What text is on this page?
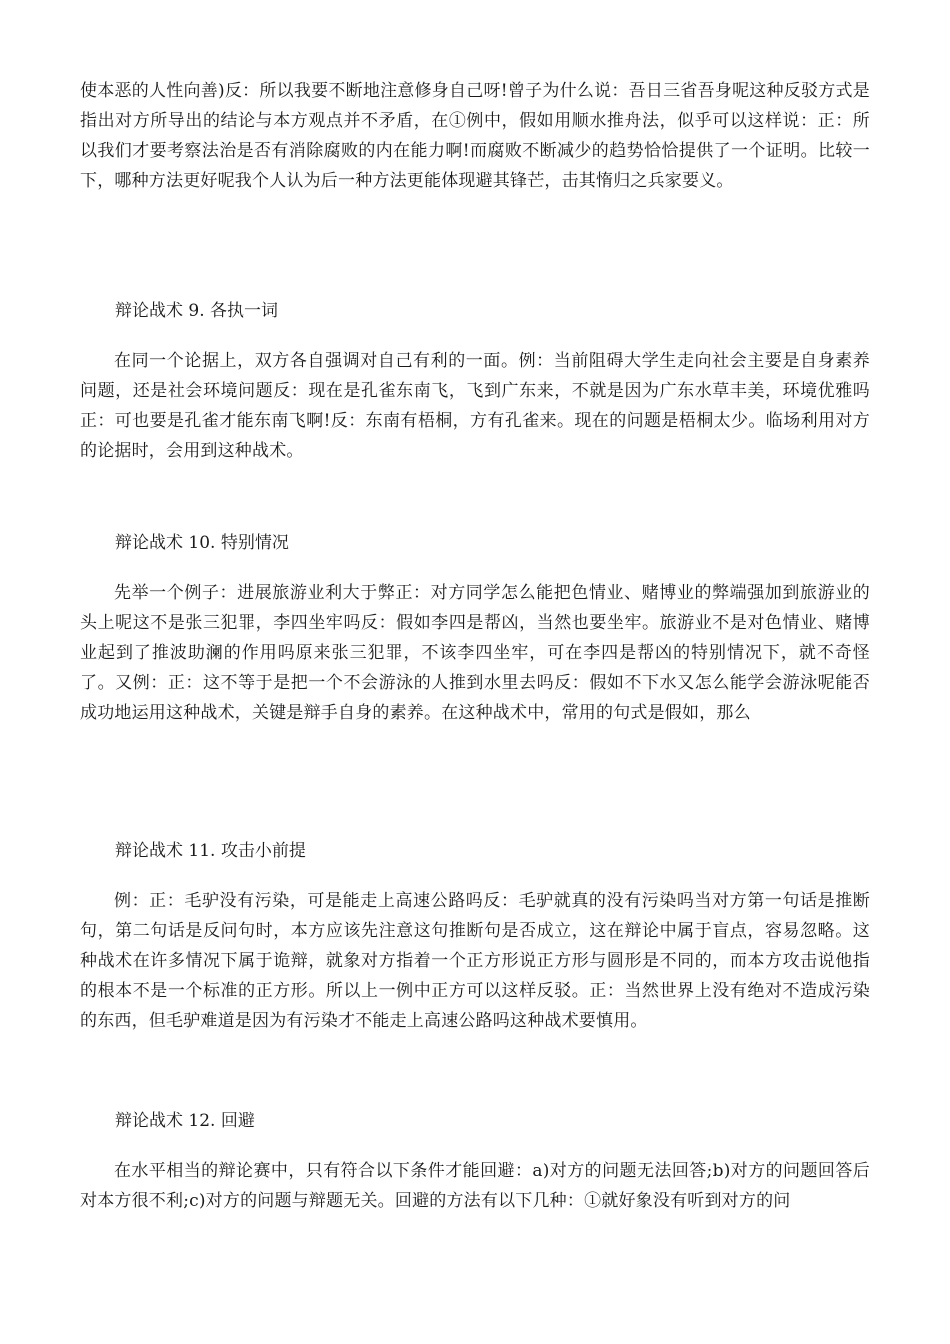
使本恶的人性向善)反：所以我要不断地注意修身自己呀!曾子为什么说：吾日三省吾身呢这种反驳方式是指出对方所导出的结论与本方观点并不矛盾，在①例中，假如用顺水推舟法，似乎可以这样说：正：所以我们才要考察法治是否有消除腐败的内在能力啊!而腐败不断减少的趋势恰恰提供了一个证明。比较一下，哪种方法更好呢我个人认为后一种方法更能体现避其锋芒，击其惰归之兵家要义。

辩论战术 9. 各执一词

在同一个论据上，双方各自强调对自己有利的一面。例：当前阻碍大学生走向社会主要是自身素养问题，还是社会环境问题反：现在是孔雀东南飞，飞到广东来，不就是因为广东水草丰美，环境优雅吗正：可也要是孔雀才能东南飞啊!反：东南有梧桐，方有孔雀来。现在的问题是梧桐太少。临场利用对方的论据时，会用到这种战术。

辩论战术 10. 特别情况

先举一个例子：进展旅游业利大于弊正：对方同学怎么能把色情业、赌博业的弊端强加到旅游业的头上呢这不是张三犯罪，李四坐牢吗反：假如李四是帮凶，当然也要坐牢。旅游业不是对色情业、赌博业起到了推波助澜的作用吗原来张三犯罪，不该李四坐牢，可在李四是帮凶的特别情况下，就不奇怪了。又例：正：这不等于是把一个不会游泳的人推到水里去吗反：假如不下水又怎么能学会游泳呢能否成功地运用这种战术，关键是辩手自身的素养。在这种战术中，常用的句式是假如，那么

辩论战术 11. 攻击小前提

例：正：毛驴没有污染，可是能走上高速公路吗反：毛驴就真的没有污染吗当对方第一句话是推断句，第二句话是反问句时，本方应该先注意这句推断句是否成立，这在辩论中属于盲点，容易忽略。这种战术在许多情况下属于诡辩，就象对方指着一个正方形说正方形与圆形是不同的，而本方攻击说他指的根本不是一个标准的正方形。所以上一例中正方可以这样反驳。正：当然世界上没有绝对不造成污染的东西，但毛驴难道是因为有污染才不能走上高速公路吗这种战术要慎用。

辩论战术 12. 回避

在水平相当的辩论赛中，只有符合以下条件才能回避：a)对方的问题无法回答;b)对方的问题回答后对本方很不利;c)对方的问题与辩题无关。回避的方法有以下几种：①就好象没有听到对方的问
